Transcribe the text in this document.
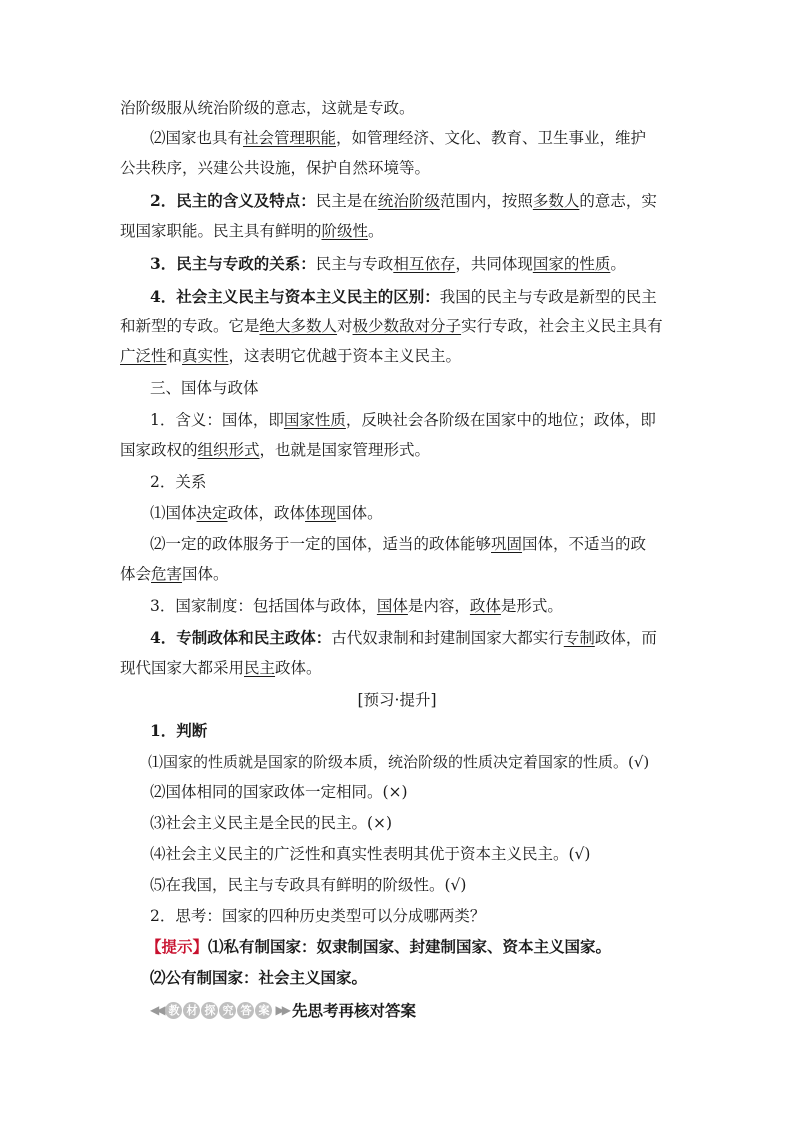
治阶级服从统治阶级的意志，这就是专政。
⑵国家也具有社会管理职能，如管理经济、文化、教育、卫生事业，维护
公共秩序，兴建公共设施，保护自然环境等。
2．民主的含义及特点：民主是在统治阶级范围内，按照多数人的意志，实
现国家职能。民主具有鲜明的阶级性。
3．民主与专政的关系：民主与专政相互依存，共同体现国家的性质。
4．社会主义民主与资本主义民主的区别：我国的民主与专政是新型的民主
和新型的专政。它是绝大多数人对极少数敌对分子实行专政，社会主义民主具有
广泛性和真实性，这表明它优越于资本主义民主。
三、国体与政体
1．含义：国体，即国家性质，反映社会各阶级在国家中的地位；政体，即
国家政权的组织形式，也就是国家管理形式。
2．关系
⑴国体决定政体，政体体现国体。
⑵一定的政体服务于一定的国体，适当的政体能够巩固国体，不适当的政
体会危害国体。
3．国家制度：包括国体与政体，国体是内容，政体是形式。
4．专制政体和民主政体：古代奴隶制和封建制国家大都实行专制政体，而
现代国家大都采用民主政体。
[预习·提升]
1．判断
⑴国家的性质就是国家的阶级本质，统治阶级的性质决定着国家的性质。(√)
⑵国体相同的国家政体一定相同。(×)
⑶社会主义民主是全民的民主。(×)
⑷社会主义民主的广泛性和真实性表明其优于资本主义民主。(√)
⑸在我国，民主与专政具有鲜明的阶级性。(√)
2．思考：国家的四种历史类型可以分成哪两类？
【提示】⑴私有制国家：奴隶制国家、封建制国家、资本主义国家。
⑵公有制国家：社会主义国家。
◀◀ 教 材 探 究 答 案 ▶▶ 先思考再核对答案
